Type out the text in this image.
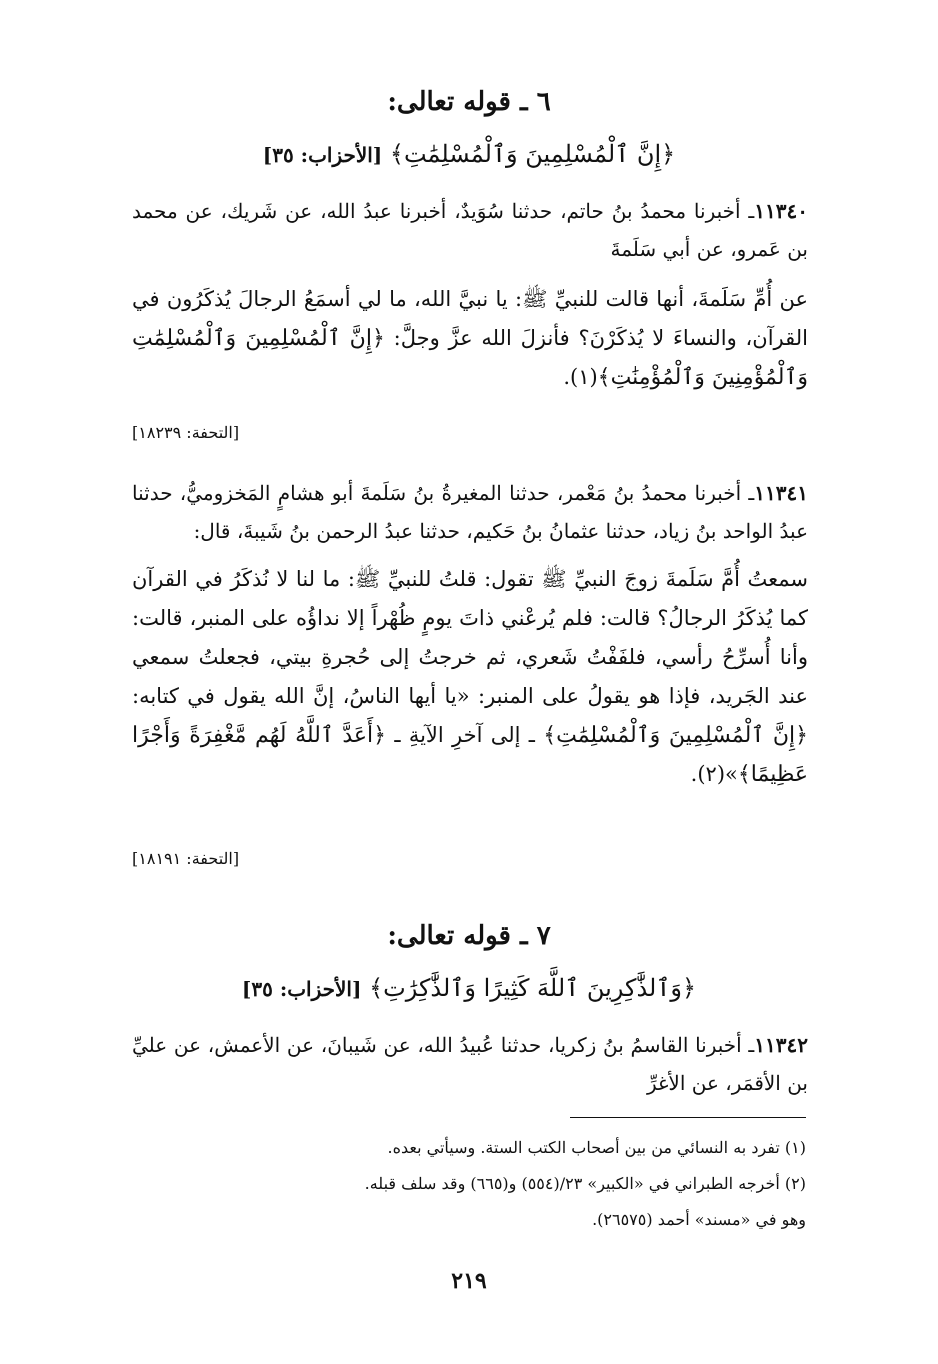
٦ ـ قوله تعالى:
﴿إِنَّ ٱلْمُسْلِمِينَ وَٱلْمُسْلِمَٰتِ﴾ [الأحزاب: ٣٥]
١١٣٤٠ـ أخبرنا محمدُ بنُ حاتم، حدثنا سُوَيدٌ، أخبرنا عبدُ الله، عن شَريك، عن محمد بن عَمرو، عن أبي سَلَمةَ
عن أُمِّ سَلَمةَ، أنها قالت للنبيِّ ﷺ: يا نبيَّ الله، ما لي أسمَعُ الرجالَ يُذكَرُون في القرآن، والنساءَ لا يُذكَرْنَ؟ فأنزلَ الله عزَّ وجلَّ: ﴿إِنَّ ٱلْمُسْلِمِينَ وَٱلْمُسْلِمَٰتِ وَٱلْمُؤْمِنِينَ وَٱلْمُؤْمِنَٰتِ﴾(١).
[التحفة: ١٨٢٣٩]
١١٣٤١ـ أخبرنا محمدُ بنُ مَعْمر، حدثنا المغيرةُ بنُ سَلَمةَ أبو هشامٍ المَخزوميُّ، حدثنا عبدُ الواحد بنُ زياد، حدثنا عثمانُ بنُ حَكيم، حدثنا عبدُ الرحمن بنُ شَيبةَ، قال:
سمعتُ أُمَّ سَلَمةَ زوجَ النبيِّ ﷺ تقول: قلتُ للنبيِّ ﷺ: ما لنا لا نُذكَرُ في القرآن كما يُذكَرُ الرجالُ؟ قالت: فلم يُرعْني ذاتَ يومٍ ظُهْراً إلا نداؤُه على المنبر، قالت: وأنا أُسرِّحُ رأسي، فلفَفْتُ شَعري، ثم خرجتُ إلى حُجرةِ بيتي، فجعلتُ سمعي عند الجَريد، فإذا هو يقولُ على المنبر: «يا أيها الناسُ، إنَّ الله يقول في كتابه: ﴿إِنَّ ٱلْمُسْلِمِينَ وَٱلْمُسْلِمَٰتِ﴾ ـ إلى آخرِ الآيةِ ـ ﴿أَعَدَّ ٱللَّهُ لَهُم مَّغْفِرَةً وَأَجْرًا عَظِيمًا﴾»(٢).
[التحفة: ١٨١٩١]
٧ ـ قوله تعالى:
﴿وَٱلذَّٰكِرِينَ ٱللَّهَ كَثِيرًا وَٱلذَّٰكِرَٰتِ﴾ [الأحزاب: ٣٥]
١١٣٤٢ـ أخبرنا القاسمُ بنُ زكريا، حدثنا عُبيدُ الله، عن شَيبانَ، عن الأعمش، عن عليِّ بن الأقمَر، عن الأغرِّ
(١) تفرد به النسائي من بين أصحاب الكتب الستة. وسيأتي بعده.
(٢) أخرجه الطبراني في «الكبير» ٢٣/(٥٥٤) و(٦٦٥) وقد سلف قبله.
وهو في «مسند» أحمد (٢٦٥٧٥).
٢١٩
